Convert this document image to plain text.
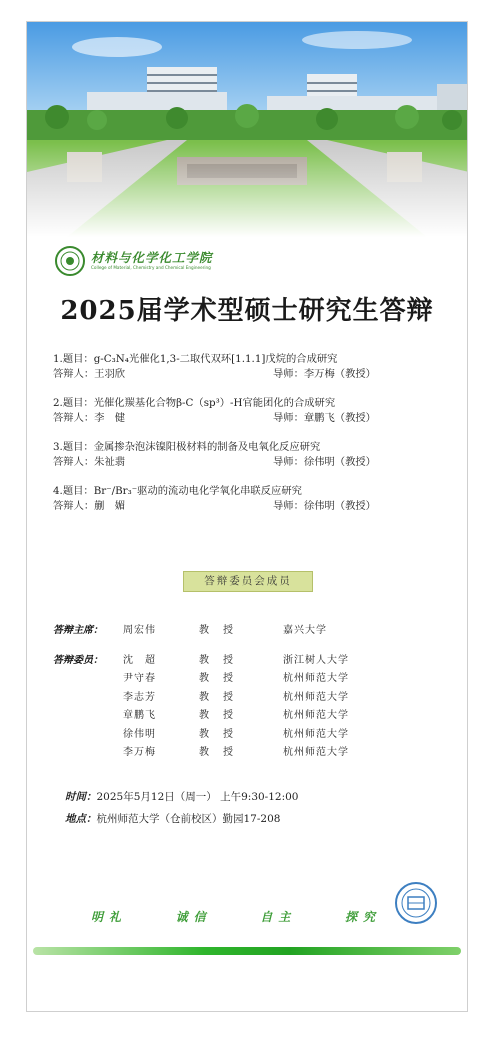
材料与化学化工学院
College of Material, Chemistry and Chemical Engineering
2025届学术型硕士研究生答辩
1.题目：g-C₃N₄光催化1,3-二取代双环[1.1.1]戊烷的合成研究
答辩人：王羽欣	导师：李万梅（教授）
2.题目：光催化羰基化合物β-C（sp³）-H官能团化的合成研究
答辩人：李　健	导师：章鹏飞（教授）
3.题目：金属掺杂泡沫镍阳极材料的制备及电氧化反应研究
答辩人：朱祉翡	导师：徐伟明（教授）
4.题目：Br⁻/Br₃⁻驱动的流动电化学氧化串联反应研究
答辩人：蒯　媚	导师：徐伟明（教授）
答辩委员会成员
答辩主席：	周宏伟	教　授	嘉兴大学
答辩委员：	沈　超	教　授	浙江树人大学
尹守春	教　授	杭州师范大学
李志芳	教　授	杭州师范大学
章鹏飞	教　授	杭州师范大学
徐伟明	教　授	杭州师范大学
李万梅	教　授	杭州师范大学
时间：2025年5月12日（周一） 上午9:30-12:00
地点：杭州师范大学（仓前校区）勤园17-208
明礼	诚信	自主	探究
